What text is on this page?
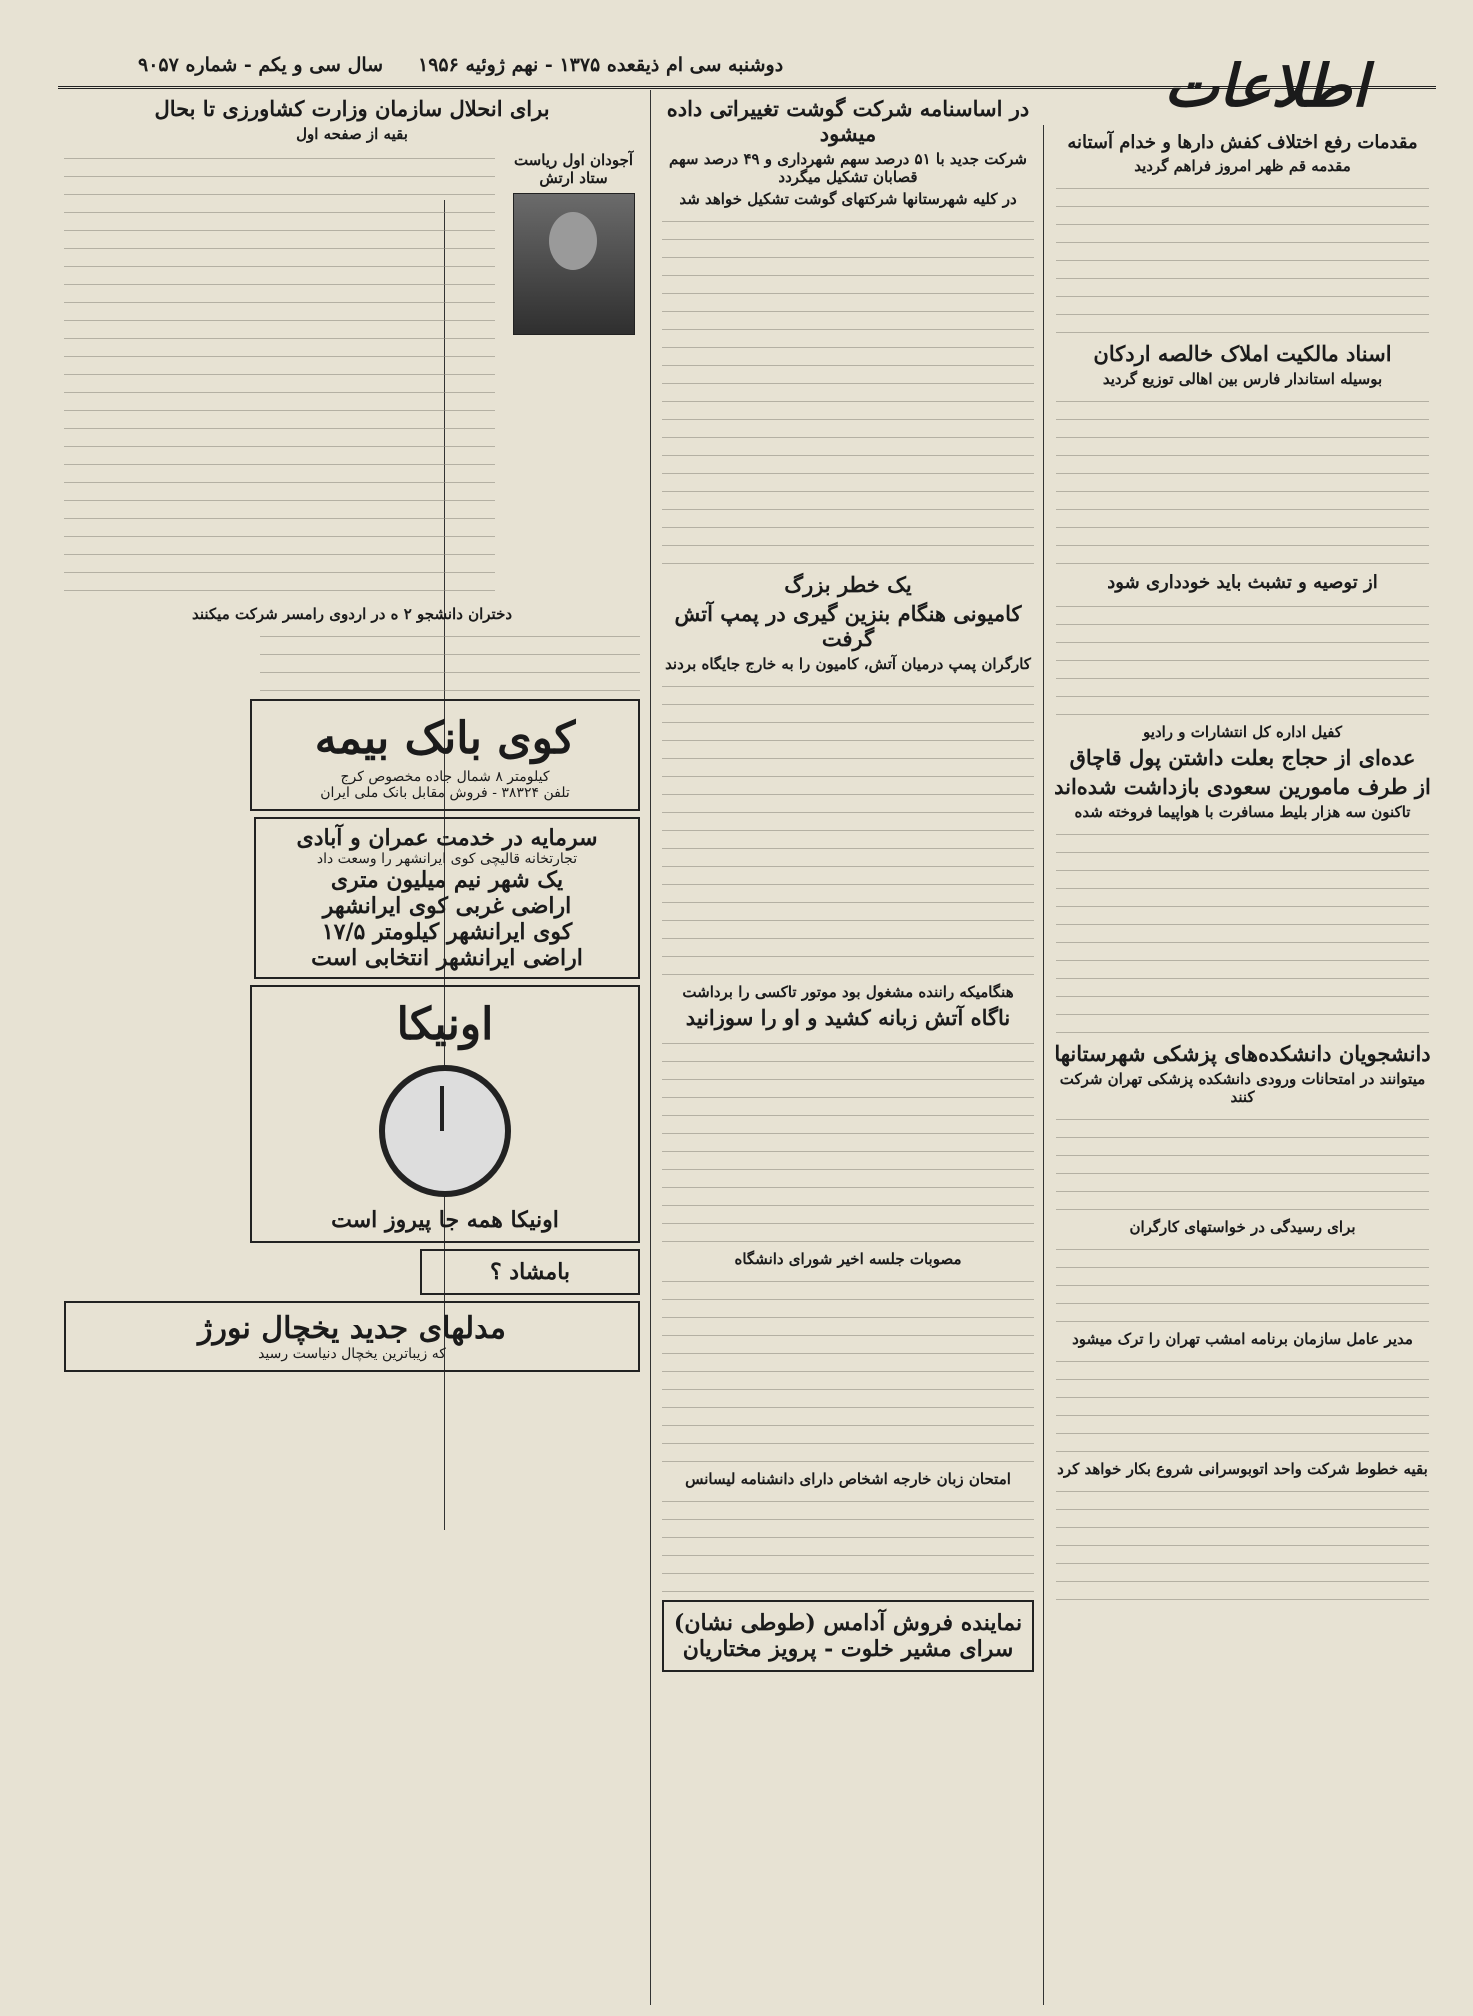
دوشنبه سی ام ذیقعده ۱۳۷۵ - نهم ژوئیه ۱۹۵۶
سال سی و یکم - شماره ۹۰۵۷	اطلاعات
مقدمات رفع اختلاف کفش دارها و خدام آستانه
مقدمه قم ظهر امروز فراهم گردید
اسناد مالکیت املاک خالصه اردکان
بوسیله استاندار فارس بین اهالی توزیع گردید
از توصیه و تشبث باید خودداری شود
کفیل اداره کل انتشارات و رادیو
عده‌ای از حجاج بعلت داشتن پول قاچاق
از طرف مامورین سعودی بازداشت شده‌اند
تاکنون سه هزار بلیط مسافرت با هواپیما فروخته شده
دانشجویان دانشکده‌های پزشکی شهرستانها
میتوانند در امتحانات ورودی دانشکده پزشکی تهران شرکت کنند
برای رسیدگی در خواستهای کارگران
مدیر عامل سازمان برنامه امشب تهران را ترک میشود
بقیه خطوط شرکت واحد اتوبوسرانی شروع بکار خواهد کرد
در اساسنامه شرکت گوشت تغییراتی داده میشود
شرکت جدید با ۵۱ درصد سهم شهرداری و ۴۹ درصد سهم قصابان تشکیل میگردد
در کلیه شهرستانها شرکتهای گوشت تشکیل خواهد شد
یک خطر بزرگ
کامیونی هنگام بنزین گیری در پمپ آتش گرفت
کارگران پمپ درمیان آتش، کامیون را به خارج جایگاه بردند
هنگامیکه راننده مشغول بود موتور تاکسی را برداشت
ناگاه آتش زبانه کشید و او را سوزانید
مصوبات جلسه اخیر شورای دانشگاه
امتحان زبان خارجه اشخاص دارای دانشنامه لیسانس
نماینده فروش آدامس (طوطی نشان)
سرای مشیر خلوت - پرویز مختاریان
برای انحلال سازمان وزارت کشاورزی تا بحال
بقیه از صفحه اول
آجودان اول ریاست ستاد ارتش
دختران دانشجو ۲ ه در اردوی رامسر شرکت میکنند
کوی بانک بیمه
کیلومتر ۸ شمال جاده مخصوص کرج
تلفن ۳۸۳۲۴ - فروش مقابل بانک ملی ایران
سرمایه در خدمت عمران و آبادی
تجارتخانه قالیچی کوی ایرانشهر را وسعت داد
یک شهر نیم میلیون متری
اراضی غربی کوی ایرانشهر
کوی ایرانشهر کیلومتر ۱۷/۵
اراضی ایرانشهر انتخابی است
اونیکا
اونیکا همه جا پیروز است
بامشاد ؟
مدلهای جدید یخچال نورژ
که زیباترین یخچال دنیاست رسید
